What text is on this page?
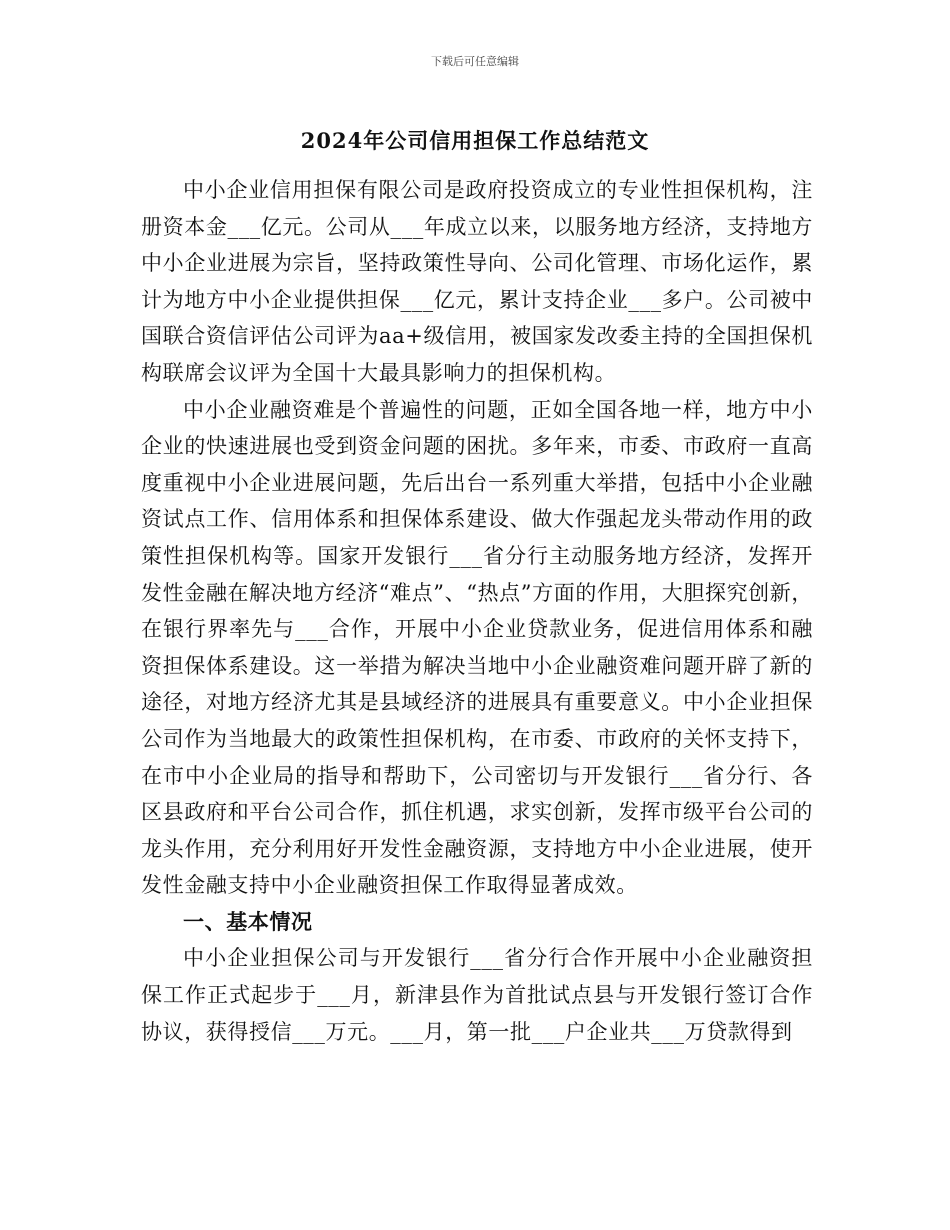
下载后可任意编辑
2024年公司信用担保工作总结范文

中小企业信用担保有限公司是政府投资成立的专业性担保机构，注册资本金___亿元。公司从___年成立以来，以服务地方经济，支持地方中小企业进展为宗旨，坚持政策性导向、公司化管理、市场化运作，累计为地方中小企业提供担保___亿元，累计支持企业___多户。公司被中国联合资信评估公司评为aa+级信用，被国家发改委主持的全国担保机构联席会议评为全国十大最具影响力的担保机构。

中小企业融资难是个普遍性的问题，正如全国各地一样，地方中小企业的快速进展也受到资金问题的困扰。多年来，市委、市政府一直高度重视中小企业进展问题，先后出台一系列重大举措，包括中小企业融资试点工作、信用体系和担保体系建设、做大作强起龙头带动作用的政策性担保机构等。国家开发银行___省分行主动服务地方经济，发挥开发性金融在解决地方经济“难点”、“热点”方面的作用，大胆探究创新，在银行界率先与___合作，开展中小企业贷款业务，促进信用体系和融资担保体系建设。这一举措为解决当地中小企业融资难问题开辟了新的途径，对地方经济尤其是县域经济的进展具有重要意义。中小企业担保公司作为当地最大的政策性担保机构，在市委、市政府的关怀支持下，在市中小企业局的指导和帮助下，公司密切与开发银行___省分行、各区县政府和平台公司合作，抓住机遇，求实创新，发挥市级平台公司的龙头作用，充分利用好开发性金融资源，支持地方中小企业进展，使开发性金融支持中小企业融资担保工作取得显著成效。

一、基本情况

中小企业担保公司与开发银行___省分行合作开展中小企业融资担保工作正式起步于___月，新津县作为首批试点县与开发银行签订合作协议，获得授信___万元。___月，第一批___户企业共___万贷款得到
